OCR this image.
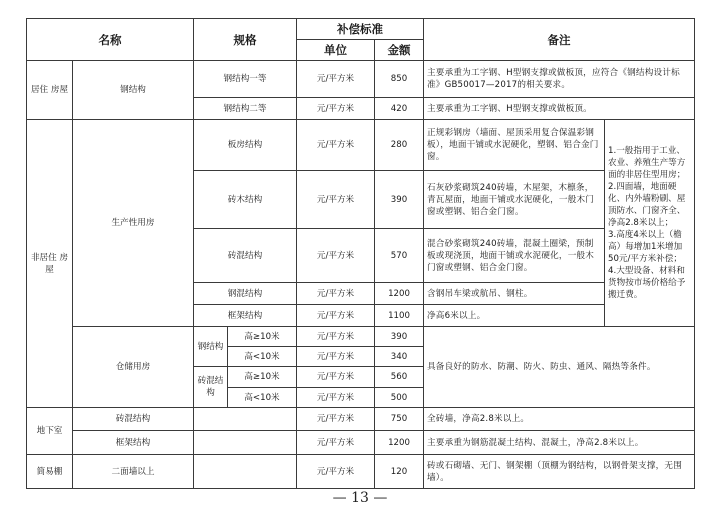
名称		规格		补偿标准		备注	
				单位	金额		
居住 房屋	钢结构	钢结构一等		元/平方米	850	主要承重为工字钢、H型钢支撑或做板顶，应符合《钢结构设计标准》GB50017—2017的相关要求。	
		钢结构二等		元/平方米	420	主要承重为工字钢、H型钢支撑或做板顶。	
非居住 房屋	生产性用房	板房结构		元/平方米	280	正规彩钢房（墙面、屋顶采用复合保温彩钢板），地面干铺或水泥硬化，塑钢、铝合金门窗。	1.一般指用于工业、农业、养殖生产等方面的非居住型用房；
2.四面墙，地面硬化、内外墙粉刷、屋顶防水、门窗齐全、净高2.8米以上；
3.高度4米以上（檐高）每增加1米增加50元/平方米补偿；
4.大型设备、材料和货物按市场价格给予搬迁费。

		砖木结构		元/平方米	390	石灰砂浆砌筑240砖墙，木屋架，木檩条，青瓦屋面，地面干铺或水泥硬化，一般木门窗或塑钢、铝合金门窗。	
		砖混结构		元/平方米	570	混合砂浆砌筑240砖墙，混凝土圈梁，预制板或现浇顶，地面干铺或水泥硬化，一般木门窗或塑钢、铝合金门窗。	
		钢混结构		元/平方米	1200	含钢吊车梁或航吊、钢柱。	
		框架结构		元/平方米	1100	净高6米以上。	
	仓储用房	钢结构	高≥10米	元/平方米	390	具备良好的防水、防潮、防火、防虫、通风、隔热等条件。	
			高<10米	元/平方米	340		
		砖混结构	高≥10米	元/平方米	560		
			高<10米	元/平方米	500		
地下室	砖混结构			元/平方米	750	全砖墙，净高2.8米以上。	
	框架结构			元/平方米	1200	主要承重为钢筋混凝土结构、混凝土，净高2.8米以上。	
简易棚	二面墙以上			元/平方米	120	砖或石砌墙、无门、钢架棚（顶棚为钢结构，以钢骨架支撑，无围墙）。	
— 13 —
